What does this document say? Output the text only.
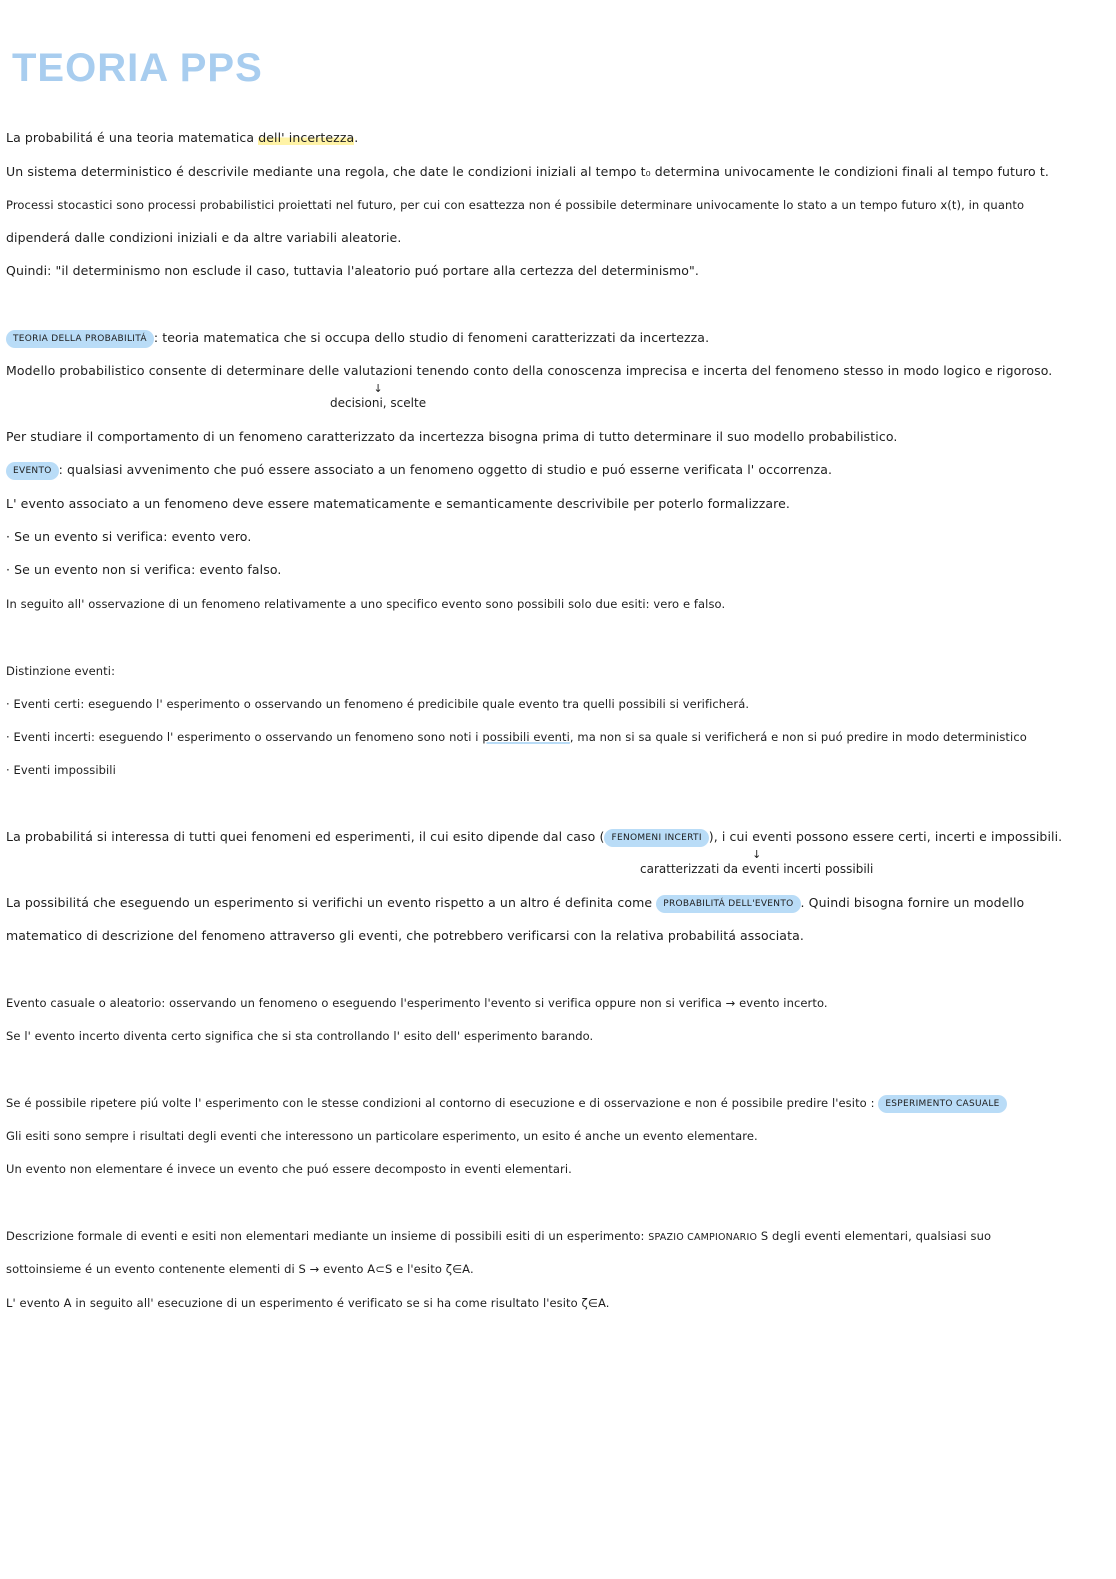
TEORIA PPS
La probabilitá é una teoria matematica dell' incertezza.
Un sistema deterministico é descrivile mediante una regola, che date le condizioni iniziali al tempo t₀ determina univocamente le condizioni finali al tempo futuro t.
Processi stocastici sono processi probabilistici proiettati nel futuro, per cui con esattezza non é possibile determinare univocamente lo stato a un tempo futuro x(t), in quanto
dipenderá dalle condizioni iniziali e da altre variabili aleatorie.
Quindi: "il determinismo non esclude il caso, tuttavia l'aleatorio puó portare alla certezza del determinismo".
TEORIA DELLA PROBABILITÁ : teoria matematica che si occupa dello studio di fenomeni caratterizzati da incertezza.
Modello probabilistico consente di determinare delle valutazioni tenendo conto della conoscenza imprecisa e incerta del fenomeno stesso in modo logico e rigoroso.
↓
decisioni, scelte
Per studiare il comportamento di un fenomeno caratterizzato da incertezza bisogna prima di tutto determinare il suo modello probabilistico.
EVENTO : qualsiasi avvenimento che puó essere associato a un fenomeno oggetto di studio e puó esserne verificata l' occorrenza.
L' evento associato a un fenomeno deve essere matematicamente e semanticamente descrivibile per poterlo formalizzare.
· Se un evento si verifica: evento vero.
· Se un evento non si verifica: evento falso.
In seguito all' osservazione di un fenomeno relativamente a uno specifico evento sono possibili solo due esiti: vero e falso.
Distinzione eventi:
· Eventi certi: eseguendo l' esperimento o osservando un fenomeno é predicibile quale evento tra quelli possibili si verificherá.
· Eventi incerti: eseguendo l' esperimento o osservando un fenomeno sono noti i possibili eventi, ma non si sa quale si verificherá e non si puó predire in modo deterministico
· Eventi impossibili
La probabilitá si interessa di tutti quei fenomeni ed esperimenti, il cui esito dipende dal caso ( FENOMENI INCERTI ), i cui eventi possono essere certi, incerti e impossibili.
↓
caratterizzati da eventi incerti possibili
La possibilitá che eseguendo un esperimento si verifichi un evento rispetto a un altro é definita come PROBABILITÁ DELL'EVENTO . Quindi bisogna fornire un modello
matematico di descrizione del fenomeno attraverso gli eventi, che potrebbero verificarsi con la relativa probabilitá associata.
Evento casuale o aleatorio: osservando un fenomeno o eseguendo l'esperimento l'evento si verifica oppure non si verifica → evento incerto.
Se l' evento incerto diventa certo significa che si sta controllando l' esito dell' esperimento barando.
Se é possibile ripetere piú volte l' esperimento con le stesse condizioni al contorno di esecuzione e di osservazione e non é possibile predire l'esito : ESPERIMENTO CASUALE
Gli esiti sono sempre i risultati degli eventi che interessono un particolare esperimento, un esito é anche un evento elementare.
Un evento non elementare é invece un evento che puó essere decomposto in eventi elementari.
Descrizione formale di eventi e esiti non elementari mediante un insieme di possibili esiti di un esperimento: SPAZIO CAMPIONARIO S degli eventi elementari, qualsiasi suo
sottoinsieme é un evento contenente elementi di S → evento A⊂S e l'esito ζ∈A.
L' evento A in seguito all' esecuzione di un esperimento é verificato se si ha come risultato l'esito ζ∈A.
